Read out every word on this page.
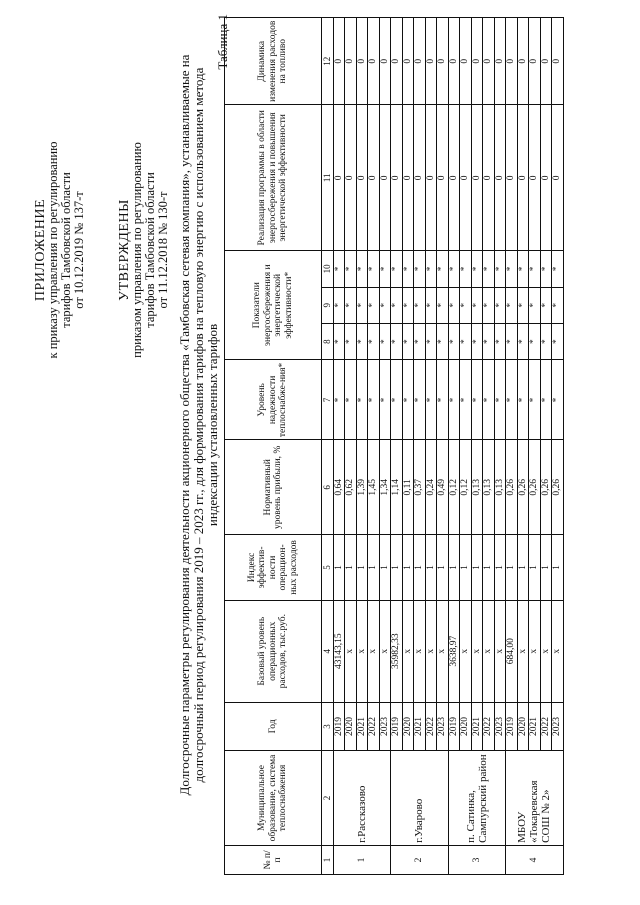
ПРИЛОЖЕНИЕ
к приказу управления по регулированию тарифов Тамбовской области от 10.12.2019 № 137-т УТВЕРЖДЕНЫ
приказом управления по регулированию тарифов Тамбовской области от 11.12.2018 № 130-т Долгосрочные параметры регулирования деятельности акционерного общества «Тамбовская сетевая компания», устанавливаемые на долгосрочный период регулирования 2019 – 2023 гг., для формирования тарифов на тепловую энергию с использованием метода индексации установленных тарифов
Таблица 1
№ п/п	Муниципальное образование, система теплоснабжения	Год	Базовый уровень операционных расходов, тыс.руб.	Индекс эффектив-ности операцион-ных расходов	Нормативный уровень прибыли, %	Уровень надежности теплоснабже-ния*	Показатели энергосбережения и энергетической эффективности*			Реализация программы в области энергосбережения и повышения энергетической эффективности	Динамика изменения расходов на топливо
1	2	3	4	5	6	7	8	9	10	11	12
1	г.Рассказово	2019	43143,15	1	0,64	*	*	*	*	0	0
		2020	x	1	0,62	*	*	*	*	0	0
		2021	x	1	1,39	*	*	*	*	0	0
		2022	x	1	1,45	*	*	*	*	0	0
		2023	x	1	1,34	*	*	*	*	0	0
2	г.Уварово	2019	35982,33	1	1,14	*	*	*	*	0	0
		2020	x	1	0,11	*	*	*	*	0	0
		2021	x	1	0,37	*	*	*	*	0	0
		2022	x	1	0,24	*	*	*	*	0	0
		2023	x	1	0,49	*	*	*	*	0	0
3	п. Сатинка, Сампурский район	2019	3638,97	1	0,12	*	*	*	*	0	0
		2020	x	1	0,12	*	*	*	*	0	0
		2021	x	1	0,13	*	*	*	*	0	0
		2022	x	1	0,13	*	*	*	*	0	0
		2023	x	1	0,13	*	*	*	*	0	0
4	МБОУ «Токаревская СОШ № 2»	2019	684,00	1	0,26	*	*	*	*	0	0
		2020	x	1	0,26	*	*	*	*	0	0
		2021	x	1	0,26	*	*	*	*	0	0
		2022	x	1	0,26	*	*	*	*	0	0
		2023	x	1	0,26	*	*	*	*	0	0
